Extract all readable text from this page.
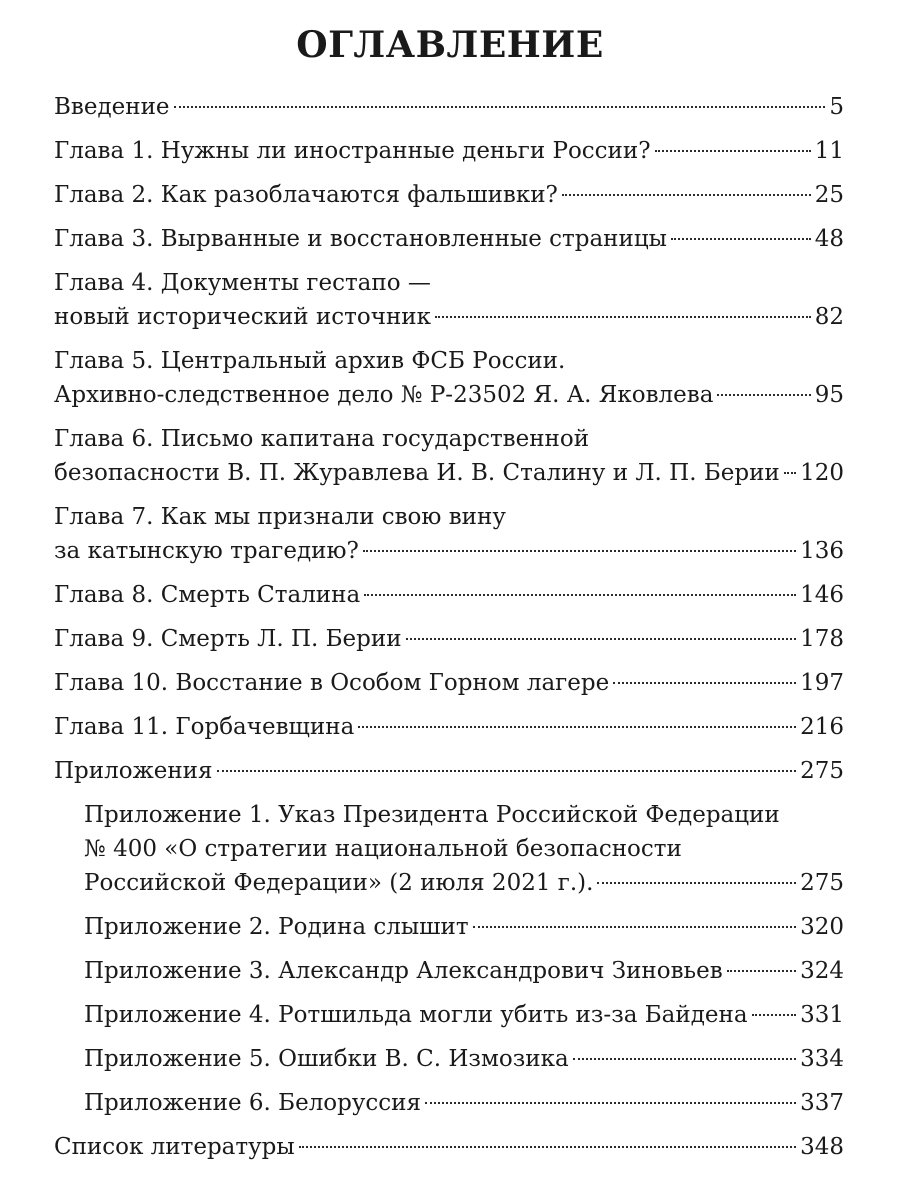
ОГЛАВЛЕНИЕ
Введение	5
Глава 1. Нужны ли иностранные деньги России?	11
Глава 2. Как разоблачаются фальшивки?	25
Глава 3. Вырванные и восстановленные страницы	48
Глава 4. Документы гестапо —
новый исторический источник	82
Глава 5. Центральный архив ФСБ России.
Архивно-следственное дело № Р-23502 Я. А. Яковлева	95
Глава 6. Письмо капитана государственной
безопасности В. П. Журавлева И. В. Сталину и Л. П. Берии 120
Глава 7. Как мы признали свою вину
за катынскую трагедию?	136
Глава 8. Смерть Сталина	146
Глава 9. Смерть Л. П. Берии	178
Глава 10. Восстание в Особом Горном лагере	197
Глава 11. Горбачевщина	216
Приложения	275
Приложение 1. Указ Президента Российской Федерации
№ 400 «О стратегии национальной безопасности
Российской Федерации» (2 июля 2021 г.).	275
Приложение 2. Родина слышит	320
Приложение 3. Александр Александрович Зиновьев	324
Приложение 4. Ротшильда могли убить из-за Байдена 331
Приложение 5. Ошибки В. С. Измозика	334
Приложение 6. Белоруссия	337
Список литературы	348
